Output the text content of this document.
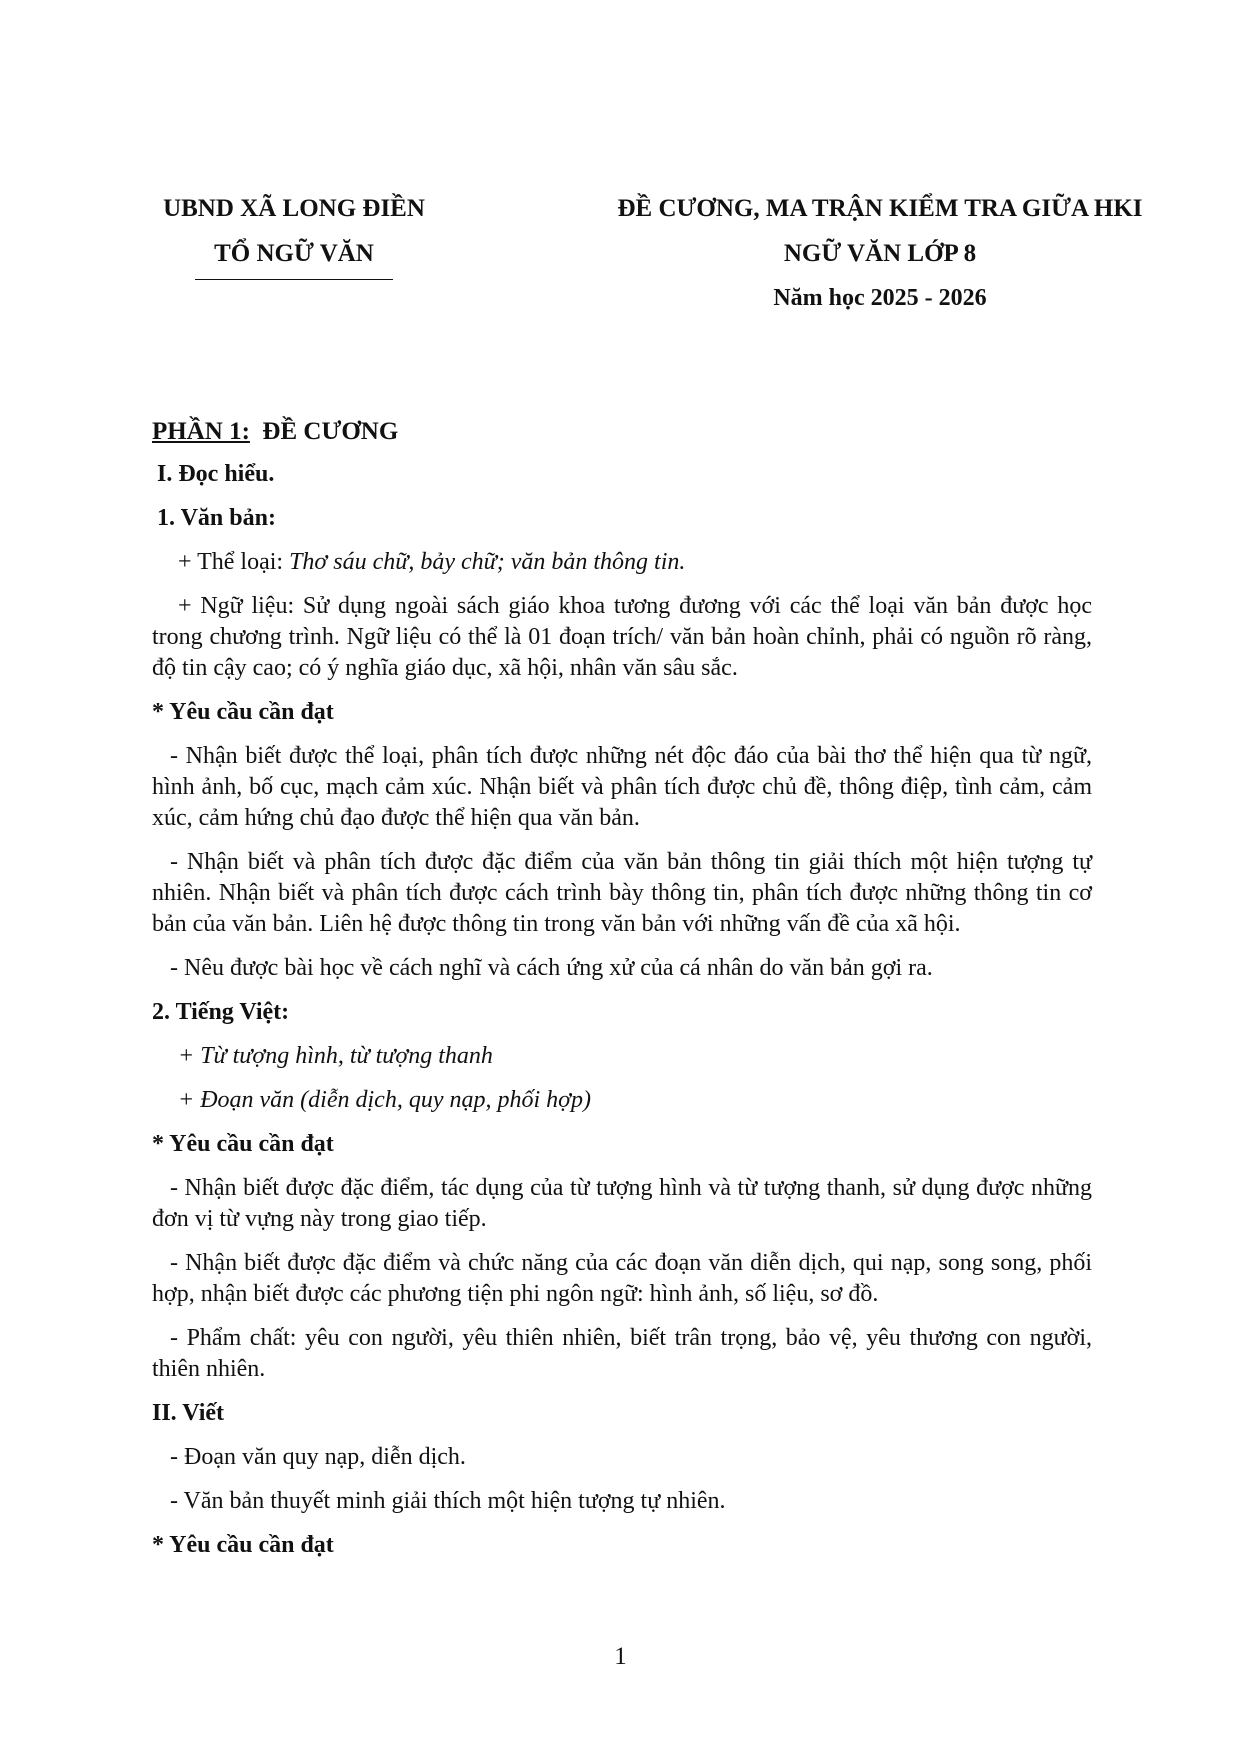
UBND XÃ LONG ĐIỀN
TỔ NGỮ VĂN
ĐỀ CƯƠNG, MA TRẬN KIỂM TRA GIỮA HKI
NGỮ VĂN LỚP 8
Năm học 2025 - 2026
PHẦN 1:  ĐỀ CƯƠNG
I. Đọc hiểu.
1. Văn bản:
+ Thể loại: Thơ sáu chữ, bảy chữ; văn bản thông tin.
+ Ngữ liệu: Sử dụng ngoài sách giáo khoa tương đương với các thể loại văn bản được học trong chương trình. Ngữ liệu có thể là 01 đoạn trích/ văn bản hoàn chỉnh, phải có nguồn rõ ràng, độ tin cậy cao; có ý nghĩa giáo dục, xã hội, nhân văn sâu sắc.
* Yêu cầu cần đạt
- Nhận biết được thể loại, phân tích được những nét độc đáo của bài thơ thể hiện qua từ ngữ, hình ảnh, bố cục, mạch cảm xúc. Nhận biết và phân tích được chủ đề, thông điệp, tình cảm, cảm xúc, cảm hứng chủ đạo được thể hiện qua văn bản.
- Nhận biết và phân tích được đặc điểm của văn bản thông tin giải thích một hiện tượng tự nhiên. Nhận biết và phân tích được cách trình bày thông tin, phân tích được những thông tin cơ bản của văn bản. Liên hệ được thông tin trong văn bản với những vấn đề của xã hội.
- Nêu được bài học về cách nghĩ và cách ứng xử của cá nhân do văn bản gợi ra.
2. Tiếng Việt:
+ Từ tượng hình, từ tượng thanh
+ Đoạn văn (diễn dịch, quy nạp, phối hợp)
* Yêu cầu cần đạt
- Nhận biết được đặc điểm, tác dụng của từ tượng hình và từ tượng thanh, sử dụng được những đơn vị từ vựng này trong giao tiếp.
- Nhận biết được đặc điểm và chức năng của các đoạn văn diễn dịch, qui nạp, song song, phối hợp, nhận biết được các phương tiện phi ngôn ngữ: hình ảnh, số liệu, sơ đồ.
- Phẩm chất: yêu con người, yêu thiên nhiên, biết trân trọng, bảo vệ, yêu thương con người, thiên nhiên.
II. Viết
- Đoạn văn quy nạp, diễn dịch.
- Văn bản thuyết minh giải thích một hiện tượng tự nhiên.
* Yêu cầu cần đạt
1
